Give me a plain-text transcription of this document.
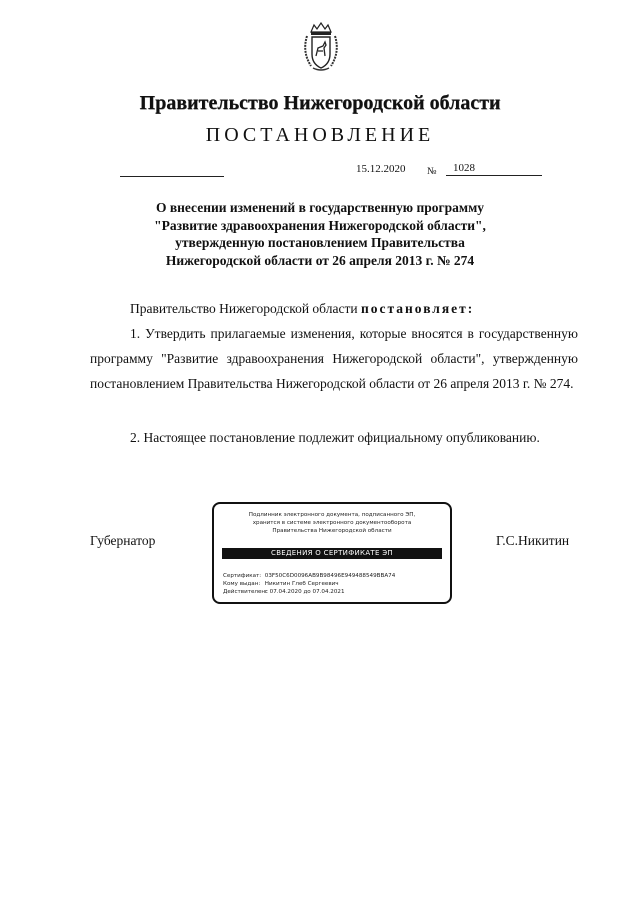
Правительство Нижегородской области
ПОСТАНОВЛЕНИЕ
15.12.2020 №	1028
О внесении изменений в государственную программу
"Развитие здравоохранения Нижегородской области",
утвержденную постановлением Правительства
Нижегородской области от 26 апреля 2013 г. № 274
Правительство Нижегородской области постановляет:
1. Утвердить прилагаемые изменения, которые вносятся в государственную программу "Развитие здравоохранения Нижегородской области", утвержденную постановлением Правительства Нижегородской области от 26 апреля 2013 г. № 274.
2. Настоящее постановление подлежит официальному опубликованию.
Губернатор	Г.С.Никитин
Подлинник электронного документа, подписанного ЭП,
хранится в системе электронного документооборота
Правительства Нижегородской области
СВЕДЕНИЯ О СЕРТИФИКАТЕ ЭП
Сертификат: 03F50C6D0096AB9B98496E949488549BBA74
Кому выдан: Никитин Глеб Сергеевич
Действителен: с 07.04.2020 до 07.04.2021
